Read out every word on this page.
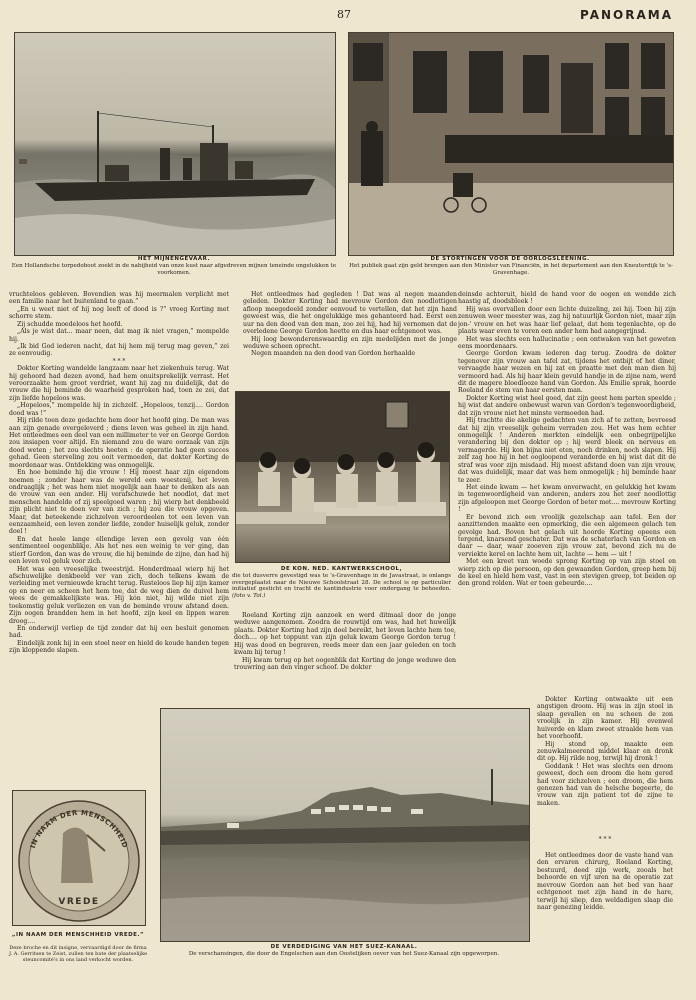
87	PANORAMA
HET MIJNENGEVAAR.
Een Hollandsche torpedoboot zoekt in de nabijheid van onze kust naar afgedreven mijnen teneinde ongelukken te voorkomen.
DE STORTINGEN VOOR DE OORLOGSLEENING.
Het publiek gaat zijn geld brengen aan den Minister van Financiën, in het departement aan den Kneuterdijk te 's-Gravenhage.

vruchteloos gebleven. Bovendien was hij meermalen verplicht met een familie naar het buitenland te gaan.”

„En u weet niet of hij nog leeft of dood is ?” vroeg Korting met schorre stem.

Zij schudde moedeloos het hoofd.

„Als je wist dat... maar neen, dat mag ik niet vragen,” mompelde hij.

„Ik bid God iederen nacht, dat hij hem mij terug mag geven,” zei ze eenvoudig.

* * *

Dokter Korting wandelde langzaam naar het ziekenhuis terug. Wat hij gehoord had dezen avond, had hem onuitsprekelijk verrast. Het veroorzaakte hem groot verdriet, want hij zag nu duidelijk, dat de vrouw die hij beminde de waarheid gesproken had, toen ze zei, dat zijn liefde hopeloos was.

„Hopeloos,” mompelde hij in zichzelf. „Hopeloos, tenzij.... Gordon dood was !”

Hij rilde toen deze gedachte hem door het hoofd ging. De man was aan zijn genade overgeleverd ; diens leven was geheel in zijn hand. Het ontleedmes een deel van een millimeter te ver en George Gordon zou insiapen voor altijd. En niemand zou de ware oorzaak van zijn dood weten ; het zou slechts heeten : de operatie had geen succes gehad. Geen sterveling zou ooit vermoeden, dat dokter Korting de moordenaar was. Ontdekking was onmogelijk.

En hoe beminde hij die vrouw ! Hij moest haar zijn eigendom noemen ; zonder haar was de wereld een woestenij, het leven ondraaglijk ; het was hem niet mogelijk aan haar te denken als aan de vrouw van een ander. Hij verafschuwde het noodlot, dat met menschen handelde of zij speelgoed waren ; hij wierp het denkbeeld zijn plicht niet te doen ver van zich ; hij zou die vrouw opgeven. Maar, dat beteekende zichzelven veroordeelen tot een leven van eenzaamheid, een leven zonder liefde, zonder huiselijk geluk, zonder doel !

En dat heele lange ellendige leven een gevolg van één sentimenteel oogenblikje. Als het nes een weinig te ver ging, dan stierf Gordon, dan was de vrouw, die hij beminde de zijne, dan had hij een leven vol geluk voor zich.

Het was een vreeselijke tweestrijd. Honderdmaal wierp hij het afschuwelijke denkbeeld ver van zich, doch telkens kwam de verleiding met vernieuwde kracht terug. Rusteloos liep hij zijn kamer op en neer en scheen het hem toe, dat de weg dien de duivel hem wees de gemakkelijkste was. Hij kón niet, hij wilde niet zijn toekomstig geluk verliezen en van de beminde vrouw afstand doen. Zijn oogen brandden hem in het hoofd, zijn keel en lippen waren droog....

En onderwijl verliep de tijd zonder dat hij een besluit genomen had.

Eindelijk zonk hij in een stoel neer en hield de koude handen tegen zijn kloppende slapen.

IN NAAM DER MENSCHHEID
VREDE
„IN NAAM DER MENSCHHEID VREDE.”
Deze broche en dit insigne, vervaardigd door de firma J. A. Gerritsen te Zeist, zullen ten bate der plaatselijke steuncomité's in ons land verkocht worden.

Het ontleedmes had gegleden ! Dat was al negen maanden geleden. Dokter Korting had mevrouw Gordon den noodlottigen afloop meegedeeld zonder eenvoud te vertellen, dat het zijn hand geweest was, die het ongelukkige mes gehanteerd had. Eerst een uur na den dood van den man, zoo zei hij, had hij vernomen dat de overledene George Gordon heette en dus haar echtgenoot was.

Hij loog bewonderenswaardig en zijn medelijden met de jonge weduwe scheen oprecht.

Negen maanden na den dood van Gordon herhaalde

DE KON. NED. KANTWERKSCHOOL,
die tot dusverre gevestigd was te 's-Gravenhage in de Javastraat, is onlangs overgeplaatst naar de Nieuwe Schoolstraat 28. De school is op particulier initiatief gesticht en tracht de kantindustrie voor ondergang te behoeden. (foto v. Tol.)

Roeland Korting zijn aanzoek en werd ditmaal door de jonge weduwe aangenomen. Zoodra de rouwtijd om was, had het huwelijk plaats. Dokter Korting had zijn doel bereikt, het leven lachte hem toe, doch.... op het toppunt van zijn geluk kwam George Gordon terug ! Hij was dood en begraven, reeds meer dan een jaar geleden en toch kwam hij terug !

Hij kwam terug op het oogenblik dat Korting de jonge weduwe den trouwring aan den vinger schoof. De dokter

deinsde achteruit, hield de hand voor de oogen en wendde zich haastig af, doodsbleek !

Hij was overvallen door een lichte duizeling, zei hij. Toen hij zijn zenuwen weer meester was, zag hij natuurlijk Gordon niet, maar zijn jon-' vrouw en het was haar lief gelaat, dat hem tegenlachte, op de plaats waar even te voren een ander hem had aangegrijnsd.

Het was slechts een hallucinatie ; een ontwaken van het geweten eens moordenaars.

George Gordon kwam iederen dag terug. Zoodra de dokter tegenover zijn vrouw aan tafel zat, tijdens het ontbijt of het diner, vervaagde haar wezen en hij zat en praatte met den man dien hij vermoord had. Als hij haar klein gevuld handje in de zijne nam, werd dit de magere bloedlooze hand van Gordon. Als Emilie sprak, hoorde Roeland de stem van haar eersten man.

Dokter Korting wist heel goed, dat zijn geest hem parten speelde ; hij wist dat andere onbewust waren van Gordon's tegenwoordigheid, dat zijn vrouw niet het minste vermoeden had.

Hij trachtte die akelige gedachten van zich af te zetten, bevreesd dat hij zijn vreeselijk geheim verraden zou. Het was hem echter onmogelijk ! Anderen merkten eindelijk een onbegrijpelijke verandering bij den dokter op ; hij werd bleek en nerveus en vermagerde. Hij kon bijna niet eten, noch drinken, noch slapen. Hij zelf zag hoe hij in het oogloopend veranderde en hij wist dat dit de straf was voor zijn misdaad. Hij moest afstand doen van zijn vrouw, dat was duidelijk, maar dat was hem onmogelijk ; hij beminde haar te zeer.

Het einde kwam — het kwam onverwacht, en gelukkig het kwam in tegenwoordigheid van anderen, anders zou het zeer noodlottig zijn afgeloopen met George Gordon of beter met.... mevrouw Korting !

Er bevond zich een vroolijk gezelschap aan tafel. Een der aanzittenden maakte een opmerking, die een algemeen gelach ten gevolge had. Boven het gelach uit hoorde Korting opeens een tergend, knarsend geschater. Dat was de schaterlach van Gordon en daar — daar, waar zooeven zijn vrouw zat, bevond zich nu de verviekte kerel en lachte hem uit, lachte — hem — uit !

Met een kreet van woede sprong Korting op van zijn stoel en wierp zich op die persoon, op den gewaanden Gordon, greep hem bij de keel en hield hem vast, vast in een stevigen greep, tot beiden op den grond rolden. Wat er toen gebeurde....

Dokter Korting ontwaakte uit een angstigen droom. Hij was in zijn stoel in slaap gevallen en nu scheen de zon vroolijk in zijn kamer. Hij evenwel huiverde en klam zweet straalde hem van het voorhoofd.

Hij stond op, maakte een zenuwkalmeerend middel klaar en dronk dit op. Hij rilde nog, terwijl hij dronk !

Goddank ! Het was slechts een droom geweest, doch een droom die hem gered had voor zichzelven ; een droom, die hem genezen had van de helsche begeerte, de vrouw van zijn patient tot de zijne te maken.

* * *

Het ontleedmes door de vaste hand van den ervaren chirurg, Roeland Korting, bestuurd, deed zijn werk, zooals het behoorde en vijf uren na de operatie zat mevrouw Gordon aan het bed van haar echtgenoot met zijn hand in de hare, terwijl hij sliep, den weldadigen slaap die naar genezing leidde.

DE VERDEDIGING VAN HET SUEZ-KANAAL.
De verschansingen, die door de Engelschen aan den Oostelijken oever van het Suez-Kanaal zijn opgeworpen.
